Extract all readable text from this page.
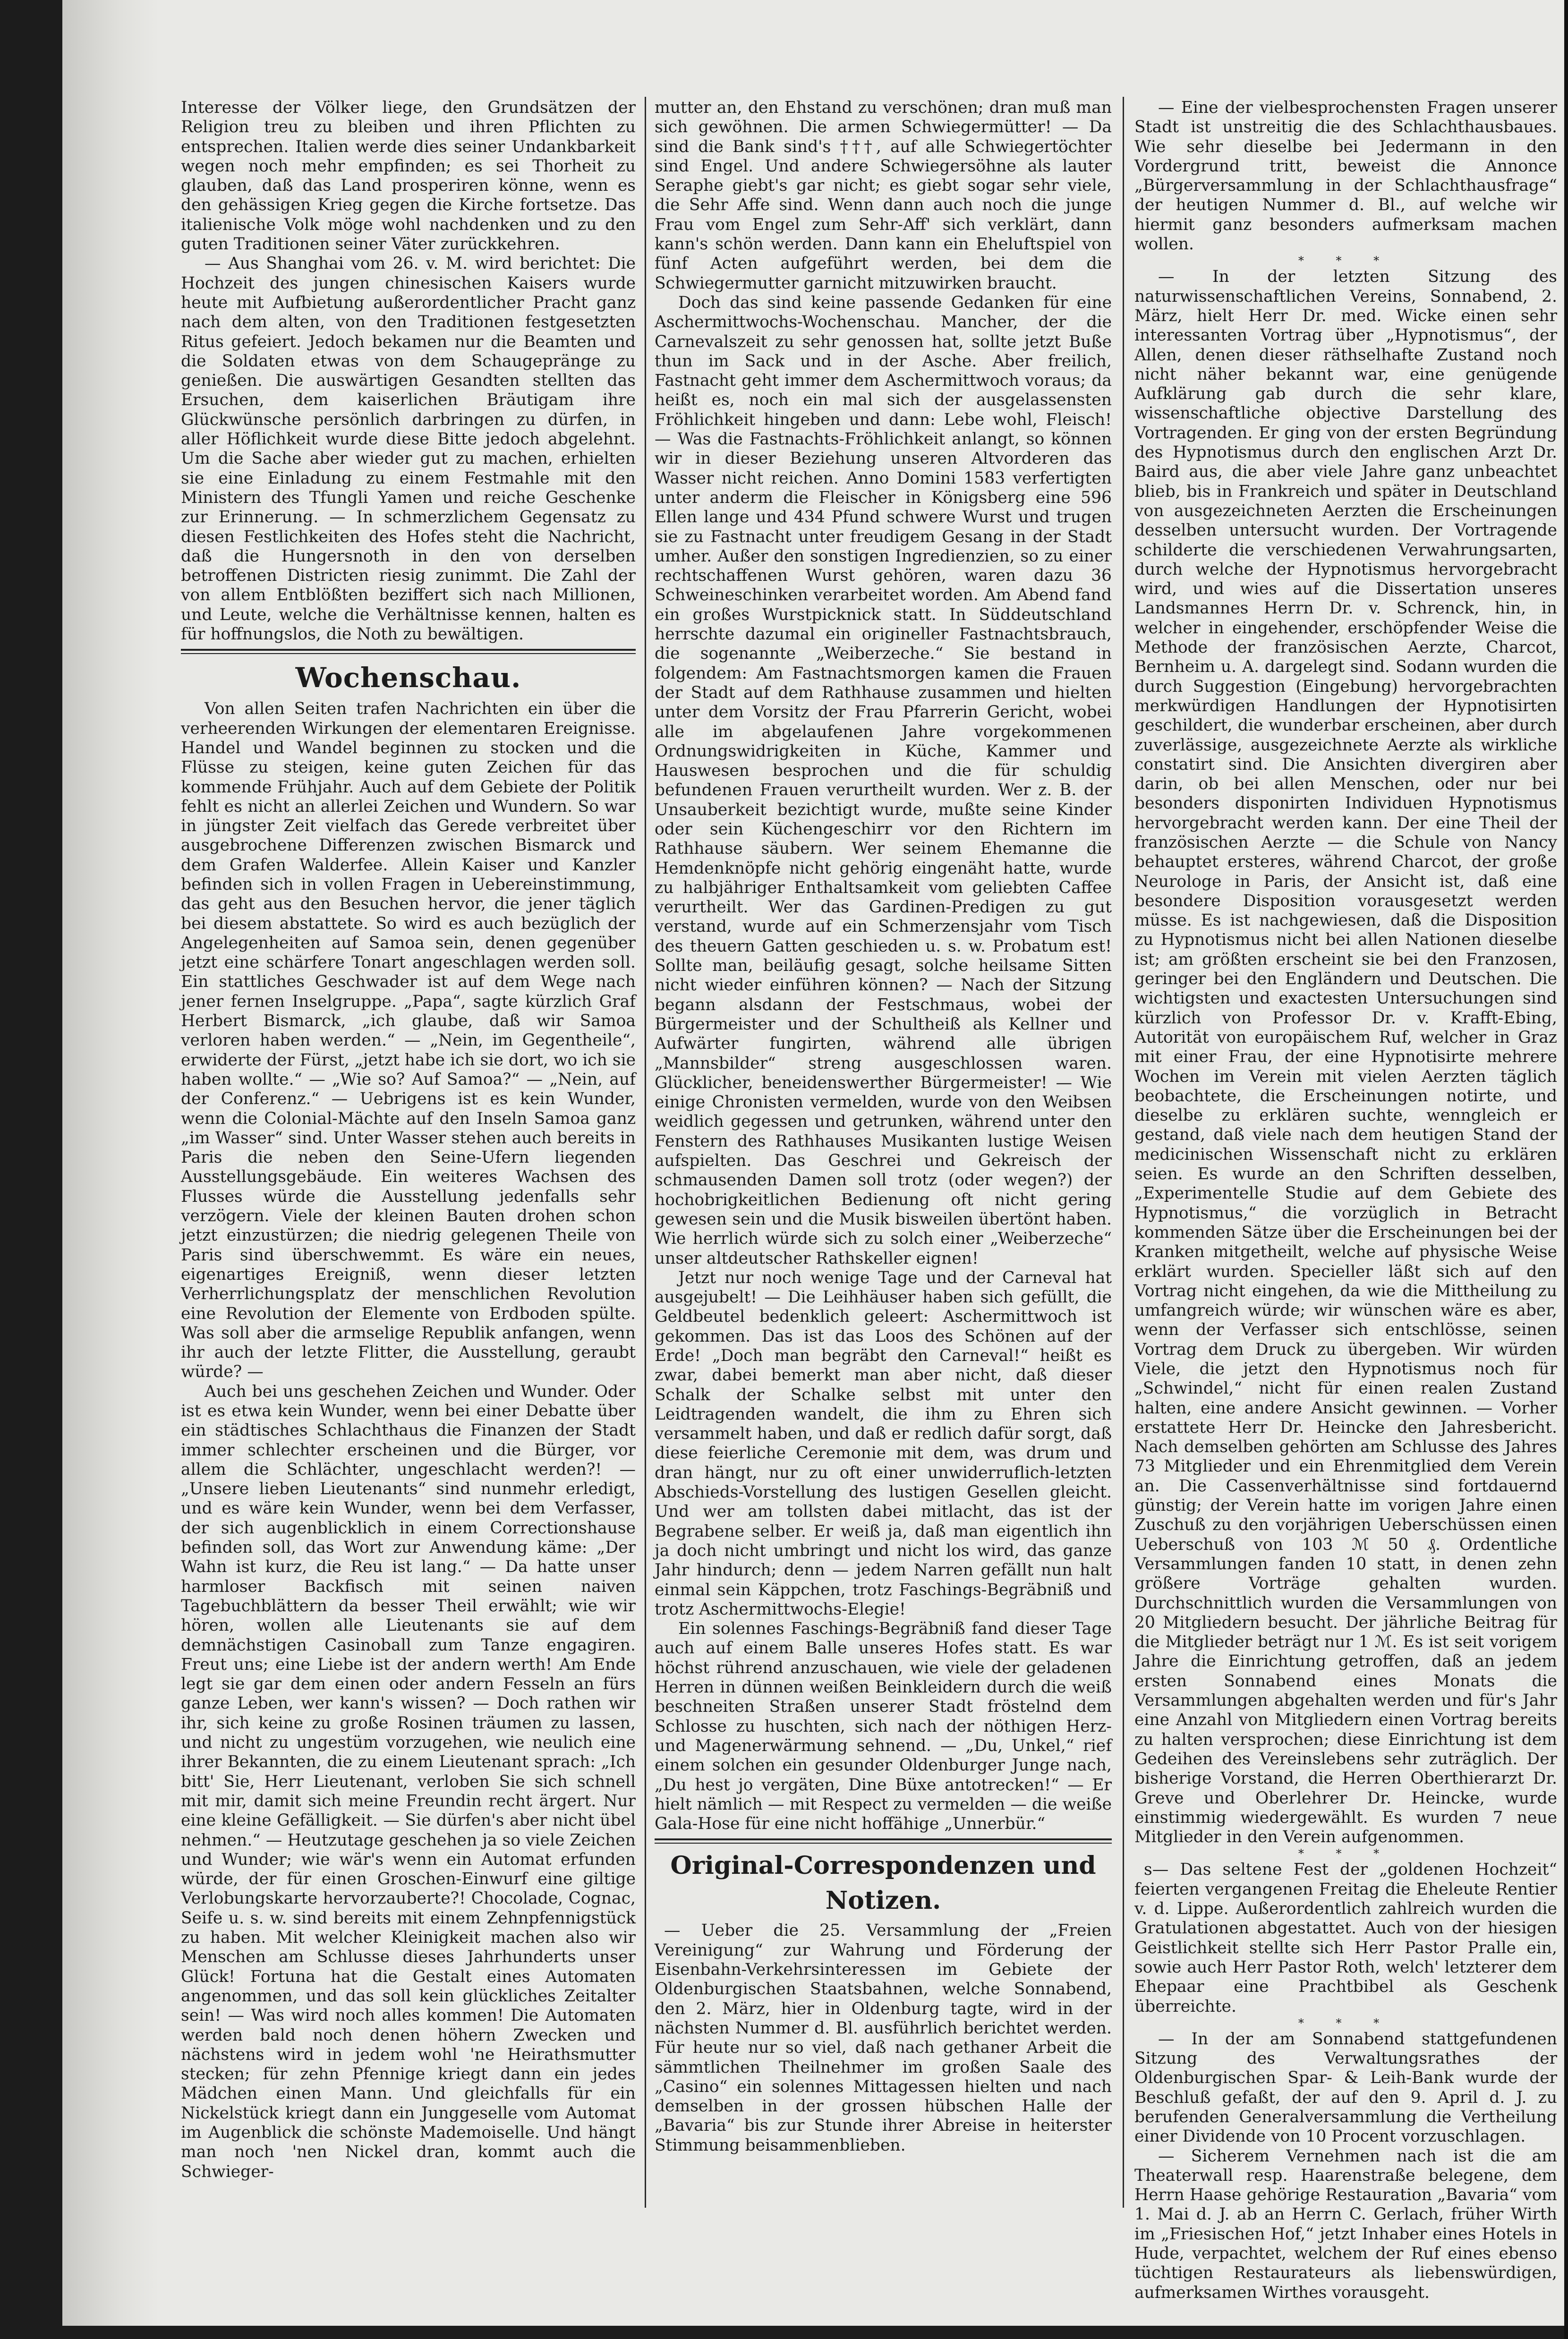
Interesse der Völker liege, den Grundsätzen der Religion treu zu bleiben und ihren Pflichten zu entsprechen. Italien werde dies seiner Undankbarkeit wegen noch mehr empfinden; es sei Thorheit zu glauben, daß das Land prosperiren könne, wenn es den gehässigen Krieg gegen die Kirche fortsetze. Das italienische Volk möge wohl nachdenken und zu den guten Traditionen seiner Väter zurückkehren.

— Aus Shanghai vom 26. v. M. wird berichtet: Die Hochzeit des jungen chinesischen Kaisers wurde heute mit Aufbietung außerordentlicher Pracht ganz nach dem alten, von den Traditionen festgesetzten Ritus gefeiert. Jedoch bekamen nur die Beamten und die Soldaten etwas von dem Schaugepränge zu genießen. Die auswärtigen Gesandten stellten das Ersuchen, dem kaiserlichen Bräutigam ihre Glückwünsche persönlich darbringen zu dürfen, in aller Höflichkeit wurde diese Bitte jedoch abgelehnt. Um die Sache aber wieder gut zu machen, erhielten sie eine Einladung zu einem Festmahle mit den Ministern des Tfungli Yamen und reiche Geschenke zur Erinnerung. — In schmerzlichem Gegensatz zu diesen Festlichkeiten des Hofes steht die Nachricht, daß die Hungersnoth in den von derselben betroffenen Districten riesig zunimmt. Die Zahl der von allem Entblößten beziffert sich nach Millionen, und Leute, welche die Verhältnisse kennen, halten es für hoffnungslos, die Noth zu bewältigen.

Wochenschau.

Von allen Seiten trafen Nachrichten ein über die verheerenden Wirkungen der elementaren Ereignisse. Handel und Wandel beginnen zu stocken und die Flüsse zu steigen, keine guten Zeichen für das kommende Frühjahr. Auch auf dem Gebiete der Politik fehlt es nicht an allerlei Zeichen und Wundern. So war in jüngster Zeit vielfach das Gerede verbreitet über ausgebrochene Differenzen zwischen Bismarck und dem Grafen Walderfee. Allein Kaiser und Kanzler befinden sich in vollen Fragen in Uebereinstimmung, das geht aus den Besuchen hervor, die jener täglich bei diesem abstattete. So wird es auch bezüglich der Angelegenheiten auf Samoa sein, denen gegenüber jetzt eine schärfere Tonart angeschlagen werden soll. Ein stattliches Geschwader ist auf dem Wege nach jener fernen Inselgruppe. „Papa“, sagte kürzlich Graf Herbert Bismarck, „ich glaube, daß wir Samoa verloren haben werden.“ — „Nein, im Gegentheile“, erwiderte der Fürst, „jetzt habe ich sie dort, wo ich sie haben wollte.“ — „Wie so? Auf Samoa?“ — „Nein, auf der Conferenz.“ — Uebrigens ist es kein Wunder, wenn die Colonial-Mächte auf den Inseln Samoa ganz „im Wasser“ sind. Unter Wasser stehen auch bereits in Paris die neben den Seine-Ufern liegenden Ausstellungsgebäude. Ein weiteres Wachsen des Flusses würde die Ausstellung jedenfalls sehr verzögern. Viele der kleinen Bauten drohen schon jetzt einzustürzen; die niedrig gelegenen Theile von Paris sind überschwemmt. Es wäre ein neues, eigenartiges Ereigniß, wenn dieser letzten Verherrlichungsplatz der menschlichen Revolution eine Revolution der Elemente von Erdboden spülte. Was soll aber die armselige Republik anfangen, wenn ihr auch der letzte Flitter, die Ausstellung, geraubt würde? —

Auch bei uns geschehen Zeichen und Wunder. Oder ist es etwa kein Wunder, wenn bei einer Debatte über ein städtisches Schlachthaus die Finanzen der Stadt immer schlechter erscheinen und die Bürger, vor allem die Schlächter, ungeschlacht werden?! — „Unsere lieben Lieutenants“ sind nunmehr erledigt, und es wäre kein Wunder, wenn bei dem Verfasser, der sich augenblicklich in einem Correctionshause befinden soll, das Wort zur Anwendung käme: „Der Wahn ist kurz, die Reu ist lang.“ — Da hatte unser harmloser Backfisch mit seinen naiven Tagebuchblättern da besser Theil erwählt; wie wir hören, wollen alle Lieutenants sie auf dem demnächstigen Casinoball zum Tanze engagiren. Freut uns; eine Liebe ist der andern werth! Am Ende legt sie gar dem einen oder andern Fesseln an fürs ganze Leben, wer kann's wissen? — Doch rathen wir ihr, sich keine zu große Rosinen träumen zu lassen, und nicht zu ungestüm vorzugehen, wie neulich eine ihrer Bekannten, die zu einem Lieutenant sprach: „Ich bitt' Sie, Herr Lieutenant, verloben Sie sich schnell mit mir, damit sich meine Freundin recht ärgert. Nur eine kleine Gefälligkeit. — Sie dürfen's aber nicht übel nehmen.“ — Heutzutage geschehen ja so viele Zeichen und Wunder; wie wär's wenn ein Automat erfunden würde, der für einen Groschen-Einwurf eine giltige Verlobungskarte hervorzauberte?! Chocolade, Cognac, Seife u. s. w. sind bereits mit einem Zehnpfennigstück zu haben. Mit welcher Kleinigkeit machen also wir Menschen am Schlusse dieses Jahrhunderts unser Glück! Fortuna hat die Gestalt eines Automaten angenommen, und das soll kein glückliches Zeitalter sein! — Was wird noch alles kommen! Die Automaten werden bald noch denen höhern Zwecken und nächstens wird in jedem wohl 'ne Heirathsmutter stecken; für zehn Pfennige kriegt dann ein jedes Mädchen einen Mann. Und gleichfalls für ein Nickelstück kriegt dann ein Junggeselle vom Automat im Augenblick die schönste Mademoiselle. Und hängt man noch 'nen Nickel dran, kommt auch die Schwieger-

mutter an, den Ehstand zu verschönen; dran muß man sich gewöhnen. Die armen Schwiegermütter! — Da sind die Bank sind's †††, auf alle Schwiegertöchter sind Engel. Und andere Schwiegersöhne als lauter Seraphe giebt's gar nicht; es giebt sogar sehr viele, die Sehr Affe sind. Wenn dann auch noch die junge Frau vom Engel zum Sehr-Aff' sich verklärt, dann kann's schön werden. Dann kann ein Eheluftspiel von fünf Acten aufgeführt werden, bei dem die Schwiegermutter garnicht mitzuwirken braucht.

Doch das sind keine passende Gedanken für eine Aschermittwochs-Wochenschau. Mancher, der die Carnevalszeit zu sehr genossen hat, sollte jetzt Buße thun im Sack und in der Asche. Aber freilich, Fastnacht geht immer dem Aschermittwoch voraus; da heißt es, noch ein mal sich der ausgelassensten Fröhlichkeit hingeben und dann: Lebe wohl, Fleisch! — Was die Fastnachts-Fröhlichkeit anlangt, so können wir in dieser Beziehung unseren Altvorderen das Wasser nicht reichen. Anno Domini 1583 verfertigten unter anderm die Fleischer in Königsberg eine 596 Ellen lange und 434 Pfund schwere Wurst und trugen sie zu Fastnacht unter freudigem Gesang in der Stadt umher. Außer den sonstigen Ingredienzien, so zu einer rechtschaffenen Wurst gehören, waren dazu 36 Schweineschinken verarbeitet worden. Am Abend fand ein großes Wurstpicknick statt. In Süddeutschland herrschte dazumal ein origineller Fastnachtsbrauch, die sogenannte „Weiberzeche.“ Sie bestand in folgendem: Am Fastnachtsmorgen kamen die Frauen der Stadt auf dem Rathhause zusammen und hielten unter dem Vorsitz der Frau Pfarrerin Gericht, wobei alle im abgelaufenen Jahre vorgekommenen Ordnungswidrigkeiten in Küche, Kammer und Hauswesen besprochen und die für schuldig befundenen Frauen verurtheilt wurden. Wer z. B. der Unsauberkeit bezichtigt wurde, mußte seine Kinder oder sein Küchengeschirr vor den Richtern im Rathhause säubern. Wer seinem Ehemanne die Hemdenknöpfe nicht gehörig eingenäht hatte, wurde zu halbjähriger Enthaltsamkeit vom geliebten Caffee verurtheilt. Wer das Gardinen-Predigen zu gut verstand, wurde auf ein Schmerzensjahr vom Tisch des theuern Gatten geschieden u. s. w. Probatum est! Sollte man, beiläufig gesagt, solche heilsame Sitten nicht wieder einführen können? — Nach der Sitzung begann alsdann der Festschmaus, wobei der Bürgermeister und der Schultheiß als Kellner und Aufwärter fungirten, während alle übrigen „Mannsbilder“ streng ausgeschlossen waren. Glücklicher, beneidenswerther Bürgermeister! — Wie einige Chronisten vermelden, wurde von den Weibsen weidlich gegessen und getrunken, während unter den Fenstern des Rathhauses Musikanten lustige Weisen aufspielten. Das Geschrei und Gekreisch der schmausenden Damen soll trotz (oder wegen?) der hochobrigkeitlichen Bedienung oft nicht gering gewesen sein und die Musik bisweilen übertönt haben. Wie herrlich würde sich zu solch einer „Weiberzeche“ unser altdeutscher Rathskeller eignen!

Jetzt nur noch wenige Tage und der Carneval hat ausgejubelt! — Die Leihhäuser haben sich gefüllt, die Geldbeutel bedenklich geleert: Aschermittwoch ist gekommen. Das ist das Loos des Schönen auf der Erde! „Doch man begräbt den Carneval!“ heißt es zwar, dabei bemerkt man aber nicht, daß dieser Schalk der Schalke selbst mit unter den Leidtragenden wandelt, die ihm zu Ehren sich versammelt haben, und daß er redlich dafür sorgt, daß diese feierliche Ceremonie mit dem, was drum und dran hängt, nur zu oft einer unwiderruflich-letzten Abschieds-Vorstellung des lustigen Gesellen gleicht. Und wer am tollsten dabei mitlacht, das ist der Begrabene selber. Er weiß ja, daß man eigentlich ihn ja doch nicht umbringt und nicht los wird, das ganze Jahr hindurch; denn — jedem Narren gefällt nun halt einmal sein Käppchen, trotz Faschings-Begräbniß und trotz Aschermittwochs-Elegie!

Ein solennes Faschings-Begräbniß fand dieser Tage auch auf einem Balle unseres Hofes statt. Es war höchst rührend anzuschauen, wie viele der geladenen Herren in dünnen weißen Beinkleidern durch die weiß beschneiten Straßen unserer Stadt fröstelnd dem Schlosse zu huschten, sich nach der nöthigen Herz- und Magenerwärmung sehnend. — „Du, Unkel,“ rief einem solchen ein gesunder Oldenburger Junge nach, „Du hest jo vergäten, Dine Büxe antotrecken!“ — Er hielt nämlich — mit Respect zu vermelden — die weiße Gala-Hose für eine nicht hoffähige „Unnerbür.“

Original-Correspondenzen und Notizen.

— Ueber die 25. Versammlung der „Freien Vereinigung“ zur Wahrung und Förderung der Eisenbahn-Verkehrsinteressen im Gebiete der Oldenburgischen Staatsbahnen, welche Sonnabend, den 2. März, hier in Oldenburg tagte, wird in der nächsten Nummer d. Bl. ausführlich berichtet werden. Für heute nur so viel, daß nach gethaner Arbeit die sämmtlichen Theilnehmer im großen Saale des „Casino“ ein solennes Mittagessen hielten und nach demselben in der grossen hübschen Halle der „Bavaria“ bis zur Stunde ihrer Abreise in heiterster Stimmung beisammenblieben.

— Eine der vielbesprochensten Fragen unserer Stadt ist unstreitig die des Schlachthausbaues. Wie sehr dieselbe bei Jedermann in den Vordergrund tritt, beweist die Annonce „Bürgerversammlung in der Schlachthausfrage“ der heutigen Nummer d. Bl., auf welche wir hiermit ganz besonders aufmerksam machen wollen.

* * *

— In der letzten Sitzung des naturwissenschaftlichen Vereins, Sonnabend, 2. März, hielt Herr Dr. med. Wicke einen sehr interessanten Vortrag über „Hypnotismus“, der Allen, denen dieser räthselhafte Zustand noch nicht näher bekannt war, eine genügende Aufklärung gab durch die sehr klare, wissenschaftliche objective Darstellung des Vortragenden. Er ging von der ersten Begründung des Hypnotismus durch den englischen Arzt Dr. Baird aus, die aber viele Jahre ganz unbeachtet blieb, bis in Frankreich und später in Deutschland von ausgezeichneten Aerzten die Erscheinungen desselben untersucht wurden. Der Vortragende schilderte die verschiedenen Verwahrungsarten, durch welche der Hypnotismus hervorgebracht wird, und wies auf die Dissertation unseres Landsmannes Herrn Dr. v. Schrenck, hin, in welcher in eingehender, erschöpfender Weise die Methode der französischen Aerzte, Charcot, Bernheim u. A. dargelegt sind. Sodann wurden die durch Suggestion (Eingebung) hervorgebrachten merkwürdigen Handlungen der Hypnotisirten geschildert, die wunderbar erscheinen, aber durch zuverlässige, ausgezeichnete Aerzte als wirkliche constatirt sind. Die Ansichten divergiren aber darin, ob bei allen Menschen, oder nur bei besonders disponirten Individuen Hypnotismus hervorgebracht werden kann. Der eine Theil der französischen Aerzte — die Schule von Nancy behauptet ersteres, während Charcot, der große Neurologe in Paris, der Ansicht ist, daß eine besondere Disposition vorausgesetzt werden müsse. Es ist nachgewiesen, daß die Disposition zu Hypnotismus nicht bei allen Nationen dieselbe ist; am größten erscheint sie bei den Franzosen, geringer bei den Engländern und Deutschen. Die wichtigsten und exactesten Untersuchungen sind kürzlich von Professor Dr. v. Krafft-Ebing, Autorität von europäischem Ruf, welcher in Graz mit einer Frau, der eine Hypnotisirte mehrere Wochen im Verein mit vielen Aerzten täglich beobachtete, die Erscheinungen notirte, und dieselbe zu erklären suchte, wenngleich er gestand, daß viele nach dem heutigen Stand der medicinischen Wissenschaft nicht zu erklären seien. Es wurde an den Schriften desselben, „Experimentelle Studie auf dem Gebiete des Hypnotismus,“ die vorzüglich in Betracht kommenden Sätze über die Erscheinungen bei der Kranken mitgetheilt, welche auf physische Weise erklärt wurden. Specieller läßt sich auf den Vortrag nicht eingehen, da wie die Mittheilung zu umfangreich würde; wir wünschen wäre es aber, wenn der Verfasser sich entschlösse, seinen Vortrag dem Druck zu übergeben. Wir würden Viele, die jetzt den Hypnotismus noch für „Schwindel,“ nicht für einen realen Zustand halten, eine andere Ansicht gewinnen. — Vorher erstattete Herr Dr. Heincke den Jahresbericht. Nach demselben gehörten am Schlusse des Jahres 73 Mitglieder und ein Ehrenmitglied dem Verein an. Die Cassenverhältnisse sind fortdauernd günstig; der Verein hatte im vorigen Jahre einen Zuschuß zu den vorjährigen Ueberschüssen einen Ueberschuß von 103 ℳ 50 ₰. Ordentliche Versammlungen fanden 10 statt, in denen zehn größere Vorträge gehalten wurden. Durchschnittlich wurden die Versammlungen von 20 Mitgliedern besucht. Der jährliche Beitrag für die Mitglieder beträgt nur 1 ℳ. Es ist seit vorigem Jahre die Einrichtung getroffen, daß an jedem ersten Sonnabend eines Monats die Versammlungen abgehalten werden und für's Jahr eine Anzahl von Mitgliedern einen Vortrag bereits zu halten versprochen; diese Einrichtung ist dem Gedeihen des Vereinslebens sehr zuträglich. Der bisherige Vorstand, die Herren Oberthierarzt Dr. Greve und Oberlehrer Dr. Heincke, wurde einstimmig wiedergewählt. Es wurden 7 neue Mitglieder in den Verein aufgenommen.

* * *

s— Das seltene Fest der „goldenen Hochzeit“ feierten vergangenen Freitag die Eheleute Rentier v. d. Lippe. Außerordentlich zahlreich wurden die Gratulationen abgestattet. Auch von der hiesigen Geistlichkeit stellte sich Herr Pastor Pralle ein, sowie auch Herr Pastor Roth, welch' letzterer dem Ehepaar eine Prachtbibel als Geschenk überreichte.

* * *

— In der am Sonnabend stattgefundenen Sitzung des Verwaltungsrathes der Oldenburgischen Spar- & Leih-Bank wurde der Beschluß gefaßt, der auf den 9. April d. J. zu berufenden Generalversammlung die Vertheilung einer Dividende von 10 Procent vorzuschlagen.

— Sicherem Vernehmen nach ist die am Theaterwall resp. Haarenstraße belegene, dem Herrn Haase gehörige Restauration „Bavaria“ vom 1. Mai d. J. ab an Herrn C. Gerlach, früher Wirth im „Friesischen Hof,“ jetzt Inhaber eines Hotels in Hude, verpachtet, welchem der Ruf eines ebenso tüchtigen Restaurateurs als liebenswürdigen, aufmerksamen Wirthes vorausgeht.
